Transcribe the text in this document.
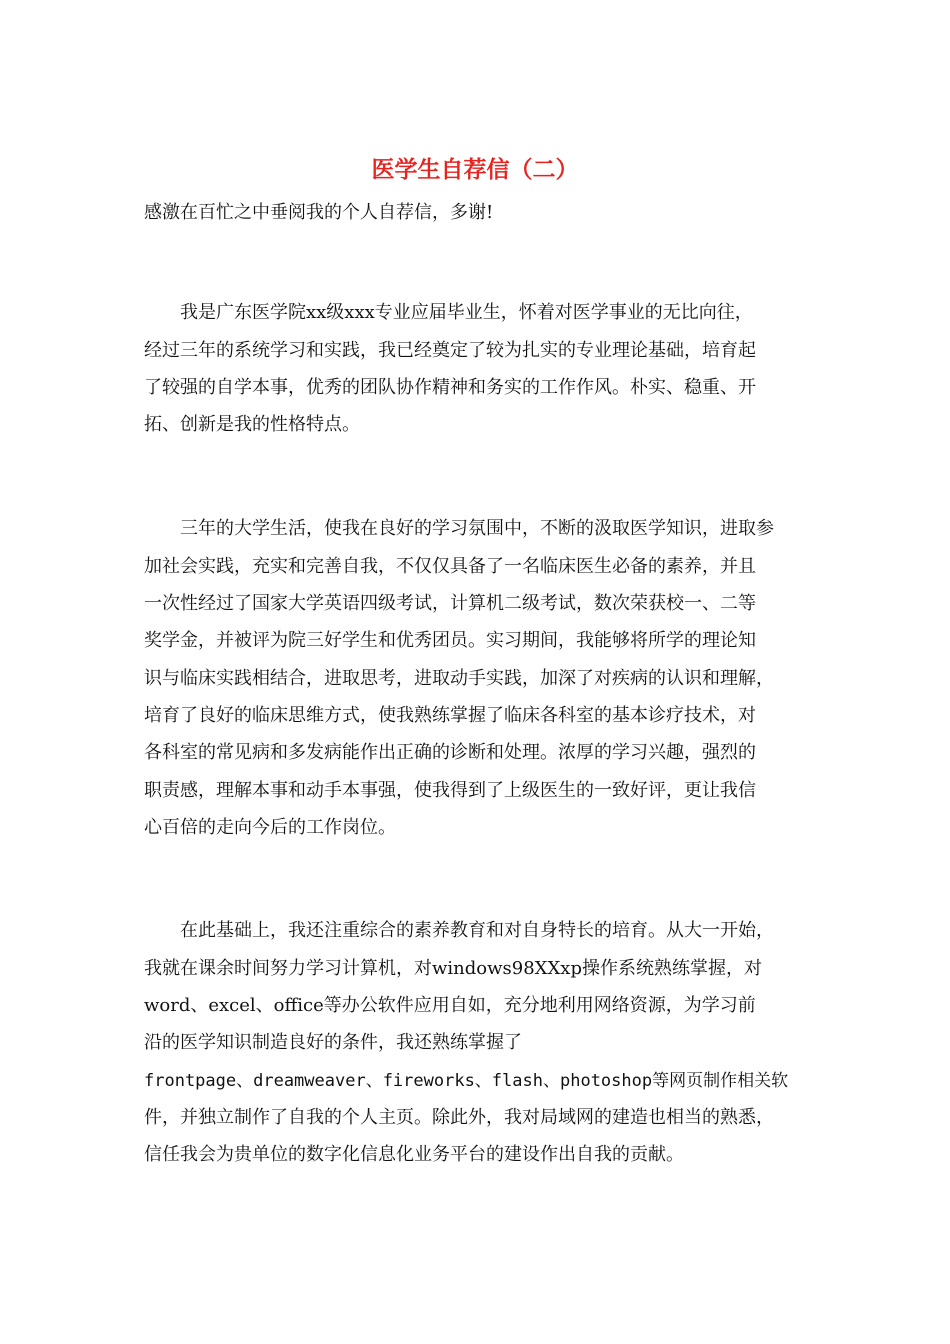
医学生自荐信（二）
感激在百忙之中垂阅我的个人自荐信，多谢!
　　我是广东医学院xx级xxx专业应届毕业生，怀着对医学事业的无比向往，
经过三年的系统学习和实践，我已经奠定了较为扎实的专业理论基础，培育起
了较强的自学本事，优秀的团队协作精神和务实的工作作风。朴实、稳重、开
拓、创新是我的性格特点。
　　三年的大学生活，使我在良好的学习氛围中，不断的汲取医学知识，进取参
加社会实践，充实和完善自我，不仅仅具备了一名临床医生必备的素养，并且
一次性经过了国家大学英语四级考试，计算机二级考试，数次荣获校一、二等
奖学金，并被评为院三好学生和优秀团员。实习期间，我能够将所学的理论知
识与临床实践相结合，进取思考，进取动手实践，加深了对疾病的认识和理解，
培育了良好的临床思维方式，使我熟练掌握了临床各科室的基本诊疗技术，对
各科室的常见病和多发病能作出正确的诊断和处理。浓厚的学习兴趣，强烈的
职责感，理解本事和动手本事强，使我得到了上级医生的一致好评，更让我信
心百倍的走向今后的工作岗位。
　　在此基础上，我还注重综合的素养教育和对自身特长的培育。从大一开始，
我就在课余时间努力学习计算机，对windows98XXxp操作系统熟练掌握，对
word、excel、office等办公软件应用自如，充分地利用网络资源，为学习前
沿的医学知识制造良好的条件，我还熟练掌握了
frontpage、dreamweaver、fireworks、flash、photoshop等网页制作相关软
件，并独立制作了自我的个人主页。除此外，我对局域网的建造也相当的熟悉，
信任我会为贵单位的数字化信息化业务平台的建设作出自我的贡献。
